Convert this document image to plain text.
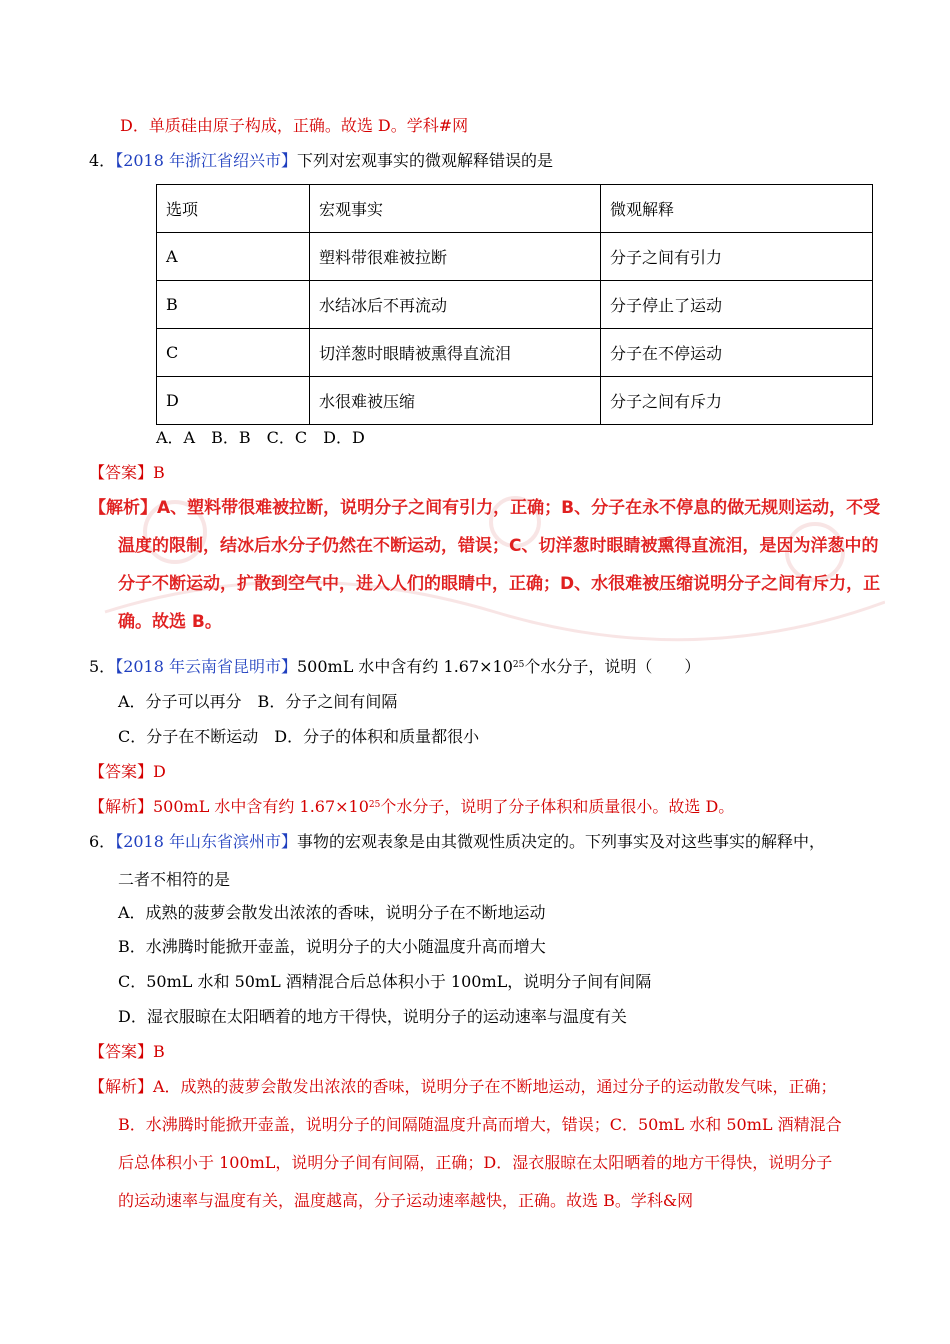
D．单质硅由原子构成，正确。故选 D。学科#网
4．【2018 年浙江省绍兴市】下列对宏观事实的微观解释错误的是
选项	宏观事实	微观解释
A	塑料带很难被拉断	分子之间有引力
B	水结冰后不再流动	分子停止了运动
C	切洋葱时眼睛被熏得直流泪	分子在不停运动
D	水很难被压缩	分子之间有斥力
A．A　B．B　C．C　D．D
【答案】B
【解析】A、塑料带很难被拉断，说明分子之间有引力，正确；B、分子在永不停息的做无规则运动，不受
温度的限制，结冰后水分子仍然在不断运动，错误；C、切洋葱时眼睛被熏得直流泪，是因为洋葱中的
分子不断运动，扩散到空气中，进入人们的眼睛中，正确；D、水很难被压缩说明分子之间有斥力，正
确。故选 B。
5．【2018 年云南省昆明市】500mL 水中含有约 $1.67\times 10^{25}$个水分子，说明（　　）
A．分子可以再分　B．分子之间有间隔
C．分子在不断运动　D．分子的体积和质量都很小
【答案】D
【解析】500mL 水中含有约 $1.67\times 10^{25}$个水分子，说明了分子体积和质量很小。故选 D。
6．【2018 年山东省滨州市】事物的宏观表象是由其微观性质决定的。下列事实及对这些事实的解释中，
二者不相符的是
A．成熟的菠萝会散发出浓浓的香味，说明分子在不断地运动
B．水沸腾时能掀开壶盖，说明分子的大小随温度升高而增大
C．50mL 水和 50mL 酒精混合后总体积小于 100mL，说明分子间有间隔
D．湿衣服晾在太阳晒着的地方干得快，说明分子的运动速率与温度有关
【答案】B
【解析】A．成熟的菠萝会散发出浓浓的香味，说明分子在不断地运动，通过分子的运动散发气味，正确；
B．水沸腾时能掀开壶盖，说明分子的间隔随温度升高而增大，错误；C．50mL 水和 50mL 酒精混合
后总体积小于 100mL，说明分子间有间隔，正确；D．湿衣服晾在太阳晒着的地方干得快，说明分子
的运动速率与温度有关，温度越高，分子运动速率越快，正确。故选 B。学科&网
